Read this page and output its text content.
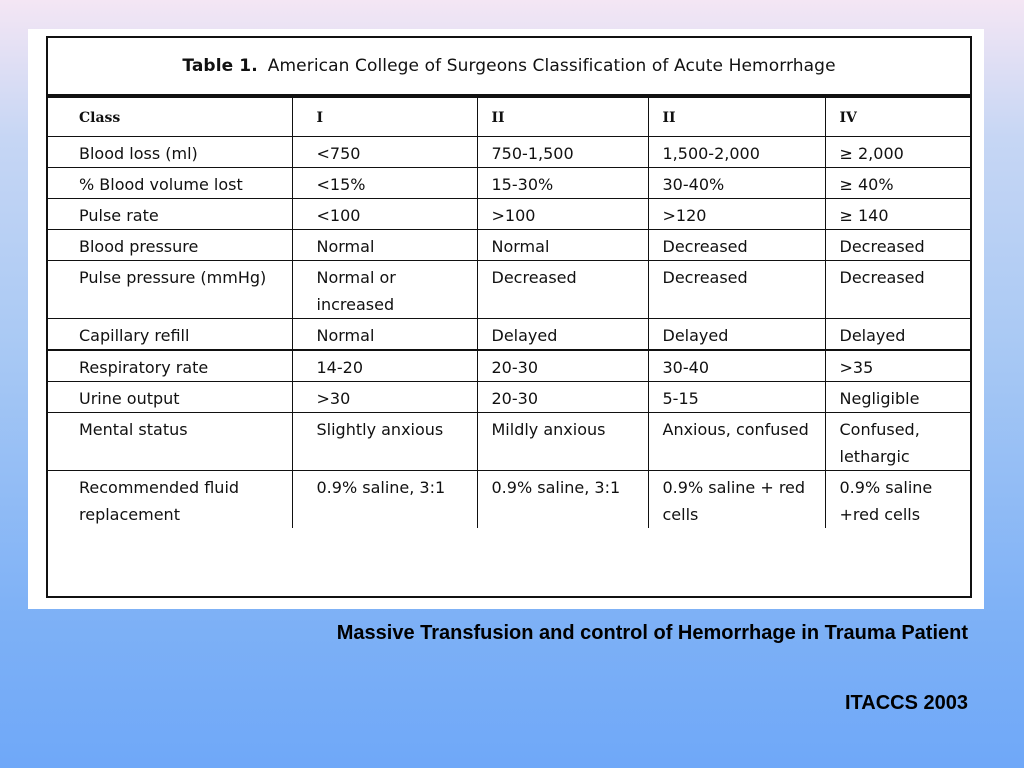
Table 1. American College of Surgeons Classification of Acute Hemorrhage
Class	I	II	II	IV
Blood loss (ml)	<750	750-1,500	1,500-2,000	≥ 2,000
% Blood volume lost	<15%	15-30%	30-40%	≥ 40%
Pulse rate	<100	>100	>120	≥ 140
Blood pressure	Normal	Normal	Decreased	Decreased
Pulse pressure (mmHg)	Normal or increased	Decreased	Decreased	Decreased
Capillary refill	Normal	Delayed	Delayed	Delayed
Respiratory rate	14-20	20-30	30-40	>35
Urine output	>30	20-30	5-15	Negligible
Mental status	Slightly anxious	Mildly anxious	Anxious, confused	Confused, lethargic
Recommended fluid replacement	0.9% saline, 3:1	0.9% saline, 3:1	0.9% saline + red cells	0.9% saline +red cells
Massive Transfusion and control of Hemorrhage in Trauma Patient
ITACCS 2003
